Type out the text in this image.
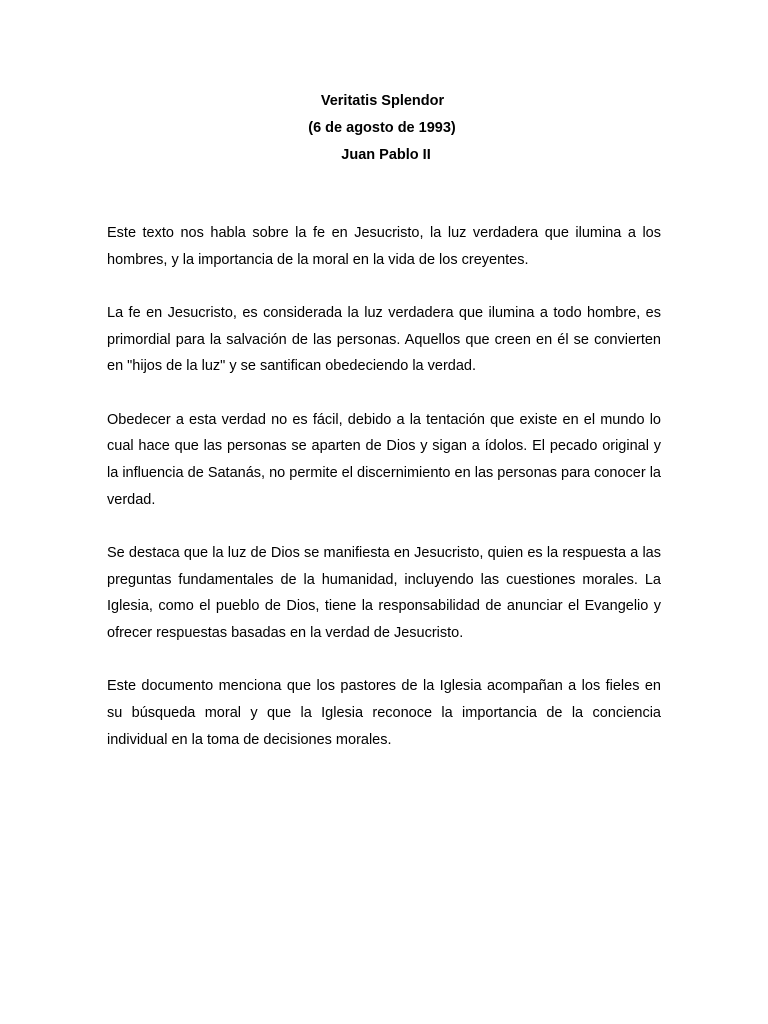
Veritatis Splendor
(6 de agosto de 1993)
Juan Pablo II

Este texto nos habla sobre la fe en Jesucristo, la luz verdadera que ilumina a los hombres, y la importancia de la moral en la vida de los creyentes.

La fe en Jesucristo, es considerada la luz verdadera que ilumina a todo hombre, es primordial para la salvación de las personas. Aquellos que creen en él se convierten en "hijos de la luz" y se santifican obedeciendo la verdad.

Obedecer a esta verdad no es fácil, debido a la tentación que existe en el mundo lo cual hace que las personas se aparten de Dios y sigan a ídolos. El pecado original y la influencia de Satanás, no permite el discernimiento en las personas para conocer la verdad.

Se destaca que la luz de Dios se manifiesta en Jesucristo, quien es la respuesta a las preguntas fundamentales de la humanidad, incluyendo las cuestiones morales. La Iglesia, como el pueblo de Dios, tiene la responsabilidad de anunciar el Evangelio y ofrecer respuestas basadas en la verdad de Jesucristo.

Este documento menciona que los pastores de la Iglesia acompañan a los fieles en su búsqueda moral y que la Iglesia reconoce la importancia de la conciencia individual en la toma de decisiones morales.
